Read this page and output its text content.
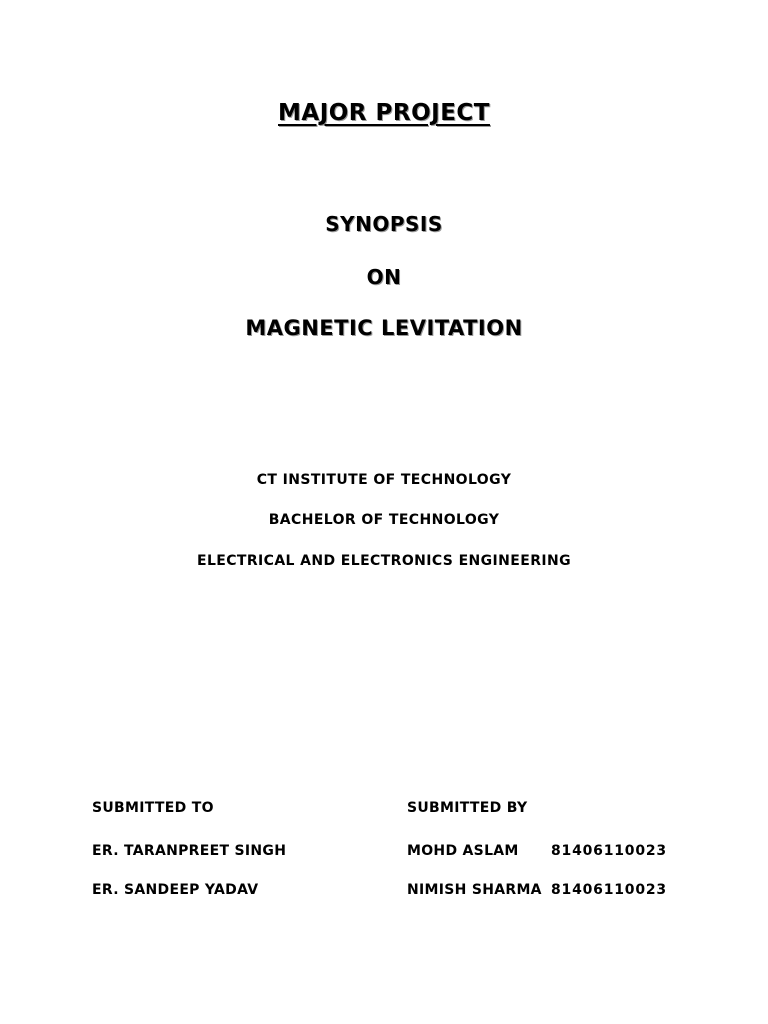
MAJOR PROJECT
SYNOPSIS
ON
MAGNETIC LEVITATION
CT INSTITUTE OF TECHNOLOGY
BACHELOR OF TECHNOLOGY
ELECTRICAL AND ELECTRONICS ENGINEERING
SUBMITTED TO	SUBMITTED BY
ER. TARANPREET SINGH	MOHD ASLAM 81406110023
ER. SANDEEP YADAV	NIMISH SHARMA 81406110023
